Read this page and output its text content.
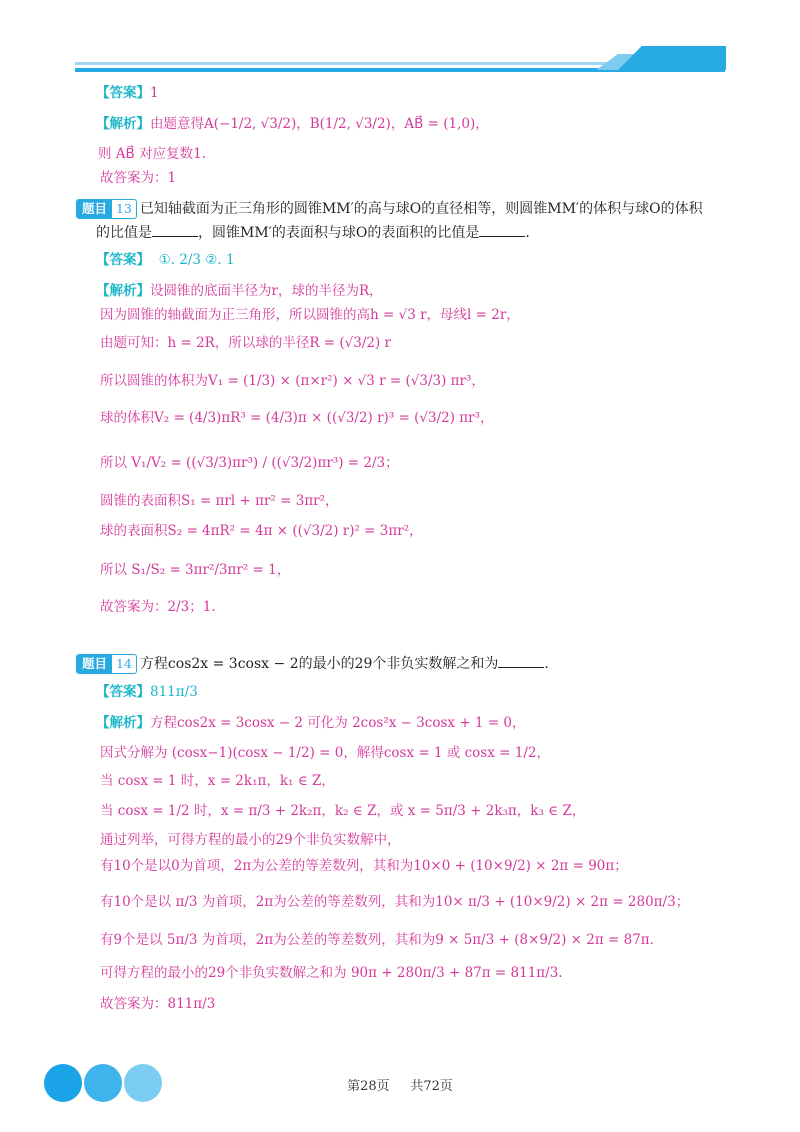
【答案】1
【解析】由题意得A(−1/2, √3/2)，B(1/2, √3/2)，AB⃗ = (1,0)，
则 AB⃗ 对应复数1.
故答案为：1
题目 13 已知轴截面为正三角形的圆锥MM′的高与球O的直径相等，则圆锥MM′的体积与球O的体积
的比值是	，圆锥MM′的表面积与球O的表面积的比值是	.
【答案】 ①. 2/3 ②. 1
【解析】设圆锥的底面半径为r，球的半径为R，
因为圆锥的轴截面为正三角形，所以圆锥的高h = √3 r，母线l = 2r，
由题可知：h = 2R，所以球的半径R = (√3/2) r
所以圆锥的体积为V₁ = (1/3) × (π×r²) × √3 r = (√3/3) πr³，
球的体积V₂ = (4/3)πR³ = (4/3)π × ((√3/2) r)³ = (√3/2) πr³，
所以 V₁/V₂ = ((√3/3)πr³) / ((√3/2)πr³) = 2/3；
圆锥的表面积S₁ = πrl + πr² = 3πr²，
球的表面积S₂ = 4πR² = 4π × ((√3/2) r)² = 3πr²，
所以 S₁/S₂ = 3πr²/3πr² = 1，
故答案为：2/3；1.
题目 14 方程cos2x = 3cosx − 2的最小的29个非负实数解之和为	.
【答案】811π/3
【解析】方程cos2x = 3cosx − 2 可化为 2cos²x − 3cosx + 1 = 0，
因式分解为 (cosx−1)(cosx − 1/2) = 0，解得cosx = 1 或 cosx = 1/2，
当 cosx = 1 时，x = 2k₁π，k₁ ∈ Z，
当 cosx = 1/2 时，x = π/3 + 2k₂π，k₂ ∈ Z，或 x = 5π/3 + 2k₃π，k₃ ∈ Z，
通过列举，可得方程的最小的29个非负实数解中，
有10个是以0为首项，2π为公差的等差数列，其和为10×0 + (10×9/2) × 2π = 90π；
有10个是以 π/3 为首项，2π为公差的等差数列，其和为10× π/3 + (10×9/2) × 2π = 280π/3；
有9个是以 5π/3 为首项，2π为公差的等差数列，其和为9 × 5π/3 + (8×9/2) × 2π = 87π.
可得方程的最小的29个非负实数解之和为 90π + 280π/3 + 87π = 811π/3.
故答案为：811π/3
第28页 共72页
